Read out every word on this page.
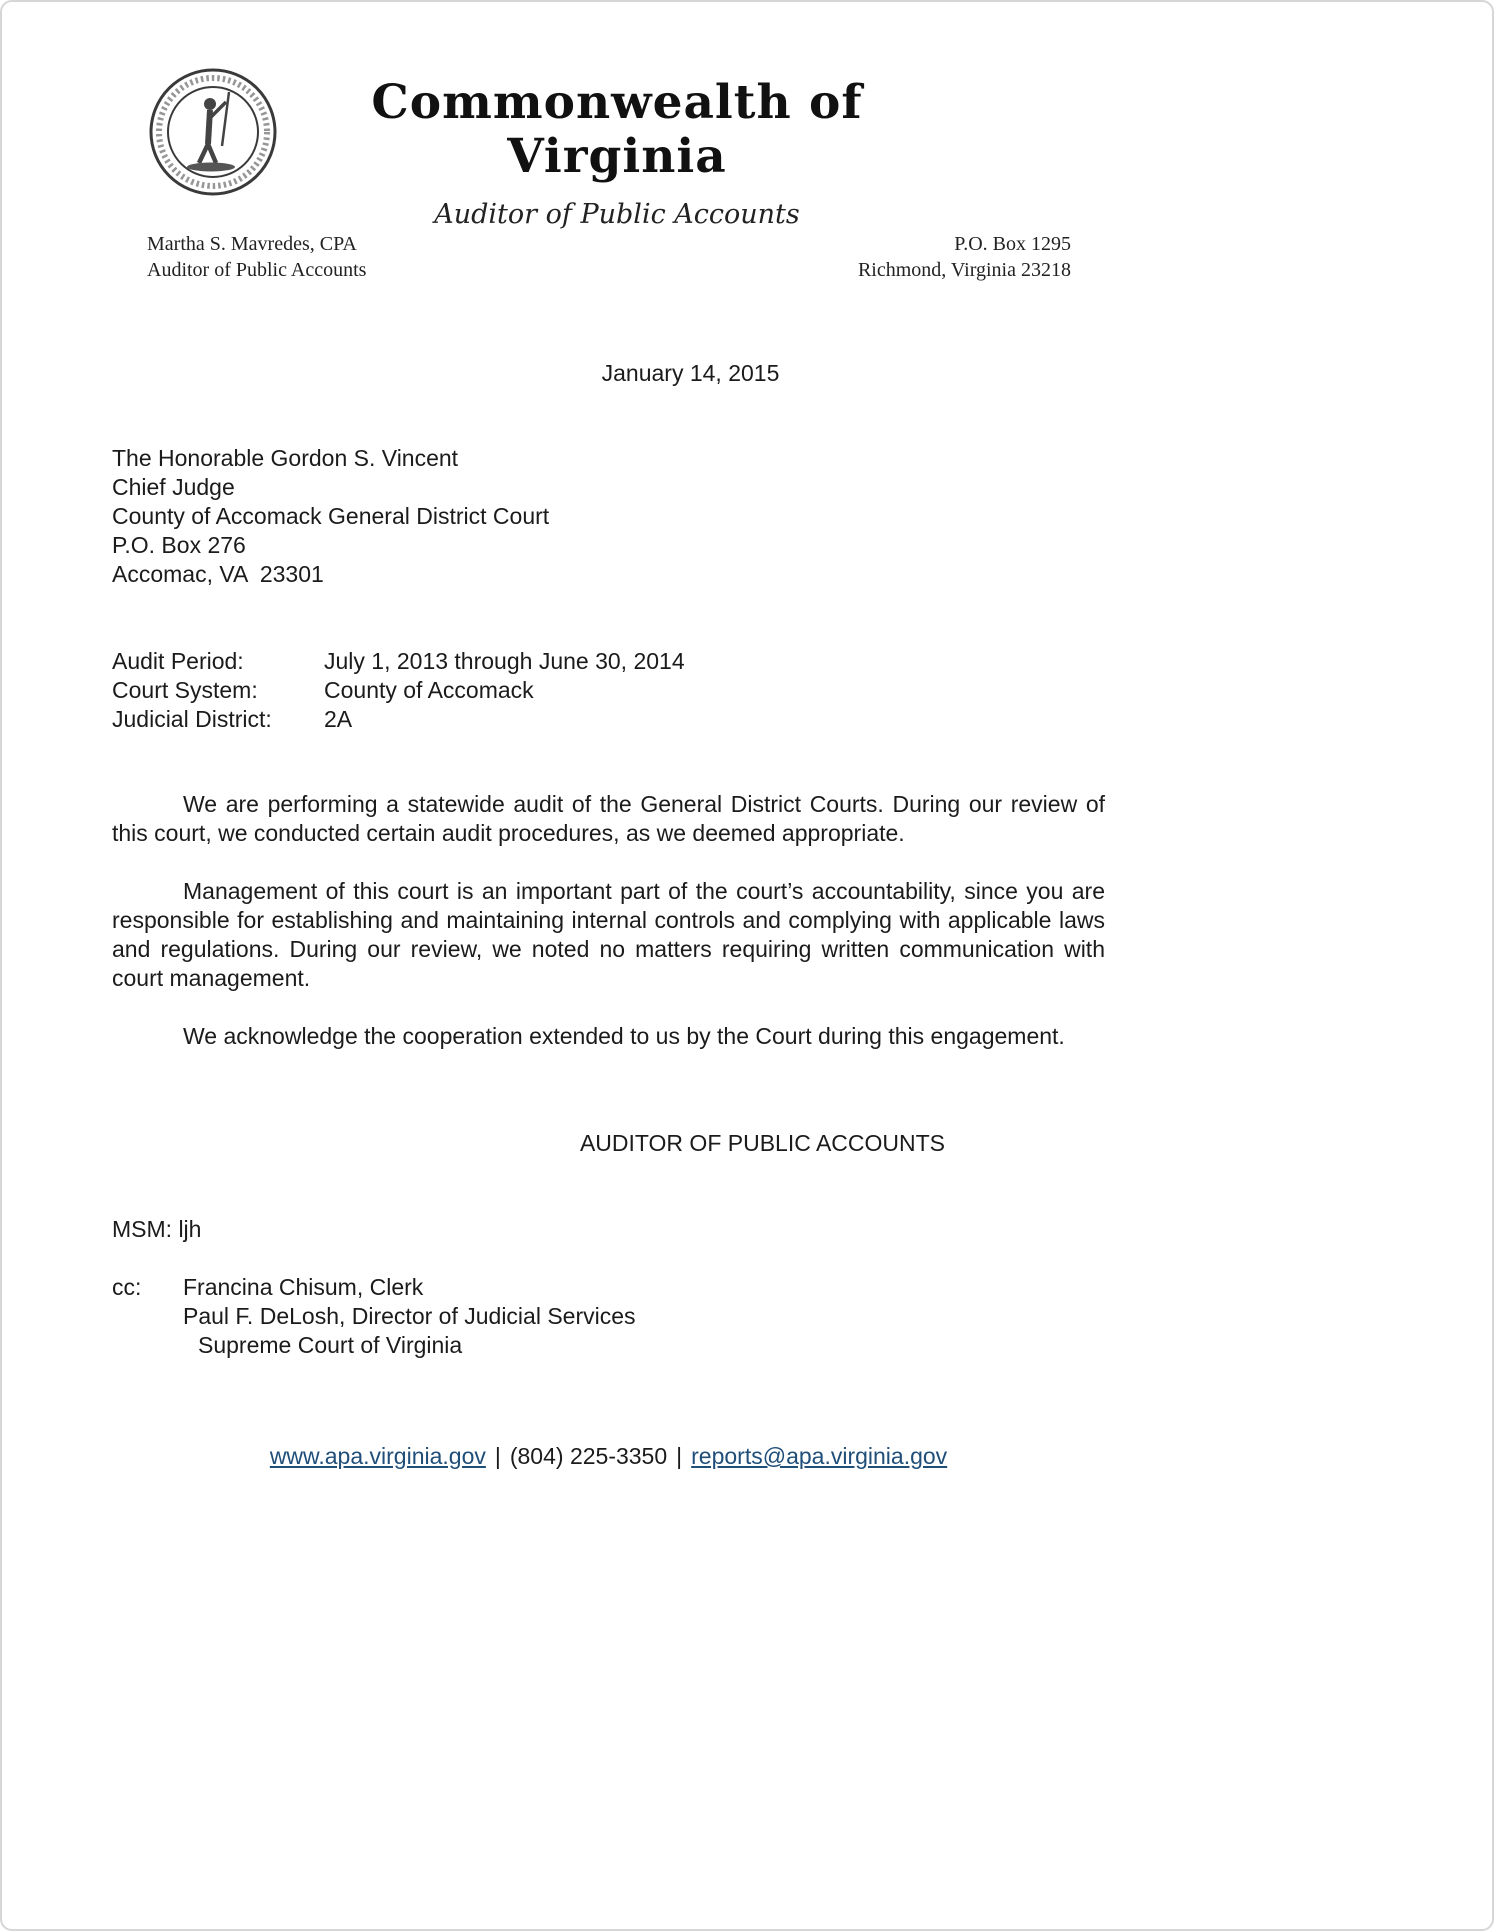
Commonwealth of Virginia
Auditor of Public Accounts
Martha S. Mavredes, CPA
Auditor of Public Accounts
P.O. Box 1295
Richmond, Virginia 23218
January 14, 2015
The Honorable Gordon S. Vincent
Chief Judge
County of Accomack General District Court
P.O. Box 276
Accomac, VA  23301
Audit Period:	July 1, 2013 through June 30, 2014
Court System:	County of Accomack
Judicial District:	2A

We are performing a statewide audit of the General District Courts. During our review of this court, we conducted certain audit procedures, as we deemed appropriate.

Management of this court is an important part of the court’s accountability, since you are responsible for establishing and maintaining internal controls and complying with applicable laws and regulations. During our review, we noted no matters requiring written communication with court management.

We acknowledge the cooperation extended to us by the Court during this engagement.

AUDITOR OF PUBLIC ACCOUNTS
MSM: ljh
cc:	Francina Chisum, Clerk
Paul F. DeLosh, Director of Judicial Services
Supreme Court of Virginia
www.apa.virginia.gov | (804) 225-3350 | reports@apa.virginia.gov
